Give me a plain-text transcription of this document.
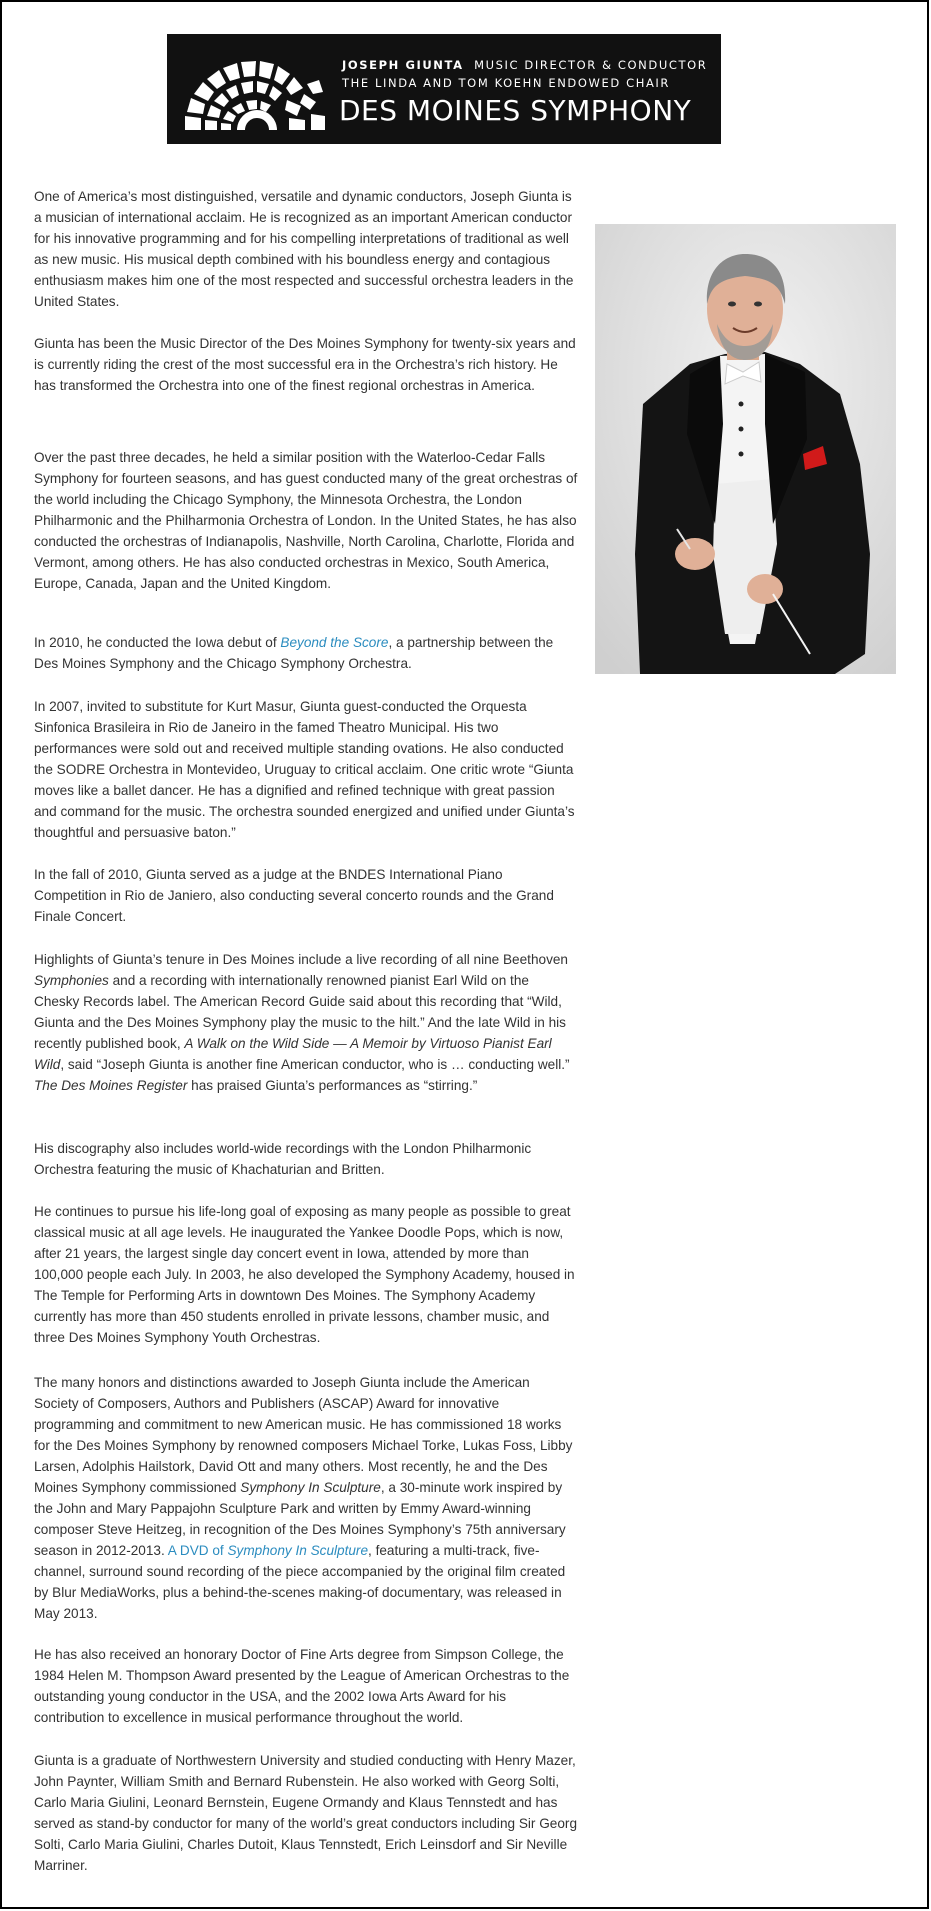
JOSEPH GIUNTA MUSIC DIRECTOR & CONDUCTOR
THE LINDA AND TOM KOEHN ENDOWED CHAIR
DES MOINES SYMPHONY

One of America’s most distinguished, versatile and dynamic conductors, Joseph Giunta is a musician of international acclaim. He is recognized as an important American conductor for his innovative programming and for his compelling interpretations of traditional as well as new music. His musical depth combined with his boundless energy and contagious enthusiasm makes him one of the most respected and successful orchestra leaders in the United States.

Giunta has been the Music Director of the Des Moines Symphony for twenty-six years and is currently riding the crest of the most successful era in the Orchestra’s rich history. He has transformed the Orchestra into one of the finest regional orchestras in America.

Over the past three decades, he held a similar position with the Waterloo-Cedar Falls Symphony for fourteen seasons, and has guest conducted many of the great orchestras of the world including the Chicago Symphony, the Minnesota Orchestra, the London Philharmonic and the Philharmonia Orchestra of London. In the United States, he has also conducted the orchestras of Indianapolis, Nashville, North Carolina, Charlotte, Florida and Vermont, among others. He has also conducted orchestras in Mexico, South America, Europe, Canada, Japan and the United Kingdom.

In 2010, he conducted the Iowa debut of Beyond the Score, a partnership between the Des Moines Symphony and the Chicago Symphony Orchestra.

In 2007, invited to substitute for Kurt Masur, Giunta guest-conducted the Orquesta Sinfonica Brasileira in Rio de Janeiro in the famed Theatro Municipal. His two performances were sold out and received multiple standing ovations. He also conducted the SODRE Orchestra in Montevideo, Uruguay to critical acclaim. One critic wrote “Giunta moves like a ballet dancer. He has a dignified and refined technique with great passion and command for the music. The orchestra sounded energized and unified under Giunta’s thoughtful and persuasive baton.”

In the fall of 2010, Giunta served as a judge at the BNDES International Piano Competition in Rio de Janiero, also conducting several concerto rounds and the Grand Finale Concert.

Highlights of Giunta’s tenure in Des Moines include a live recording of all nine Beethoven Symphonies and a recording with internationally renowned pianist Earl Wild on the Chesky Records label. The American Record Guide said about this recording that “Wild, Giunta and the Des Moines Symphony play the music to the hilt.” And the late Wild in his recently published book, A Walk on the Wild Side — A Memoir by Virtuoso Pianist Earl Wild, said “Joseph Giunta is another fine American conductor, who is … conducting well.” The Des Moines Register has praised Giunta’s performances as “stirring.”

His discography also includes world-wide recordings with the London Philharmonic Orchestra featuring the music of Khachaturian and Britten.

He continues to pursue his life-long goal of exposing as many people as possible to great classical music at all age levels. He inaugurated the Yankee Doodle Pops, which is now, after 21 years, the largest single day concert event in Iowa, attended by more than 100,000 people each July. In 2003, he also developed the Symphony Academy, housed in The Temple for Performing Arts in downtown Des Moines. The Symphony Academy currently has more than 450 students enrolled in private lessons, chamber music, and three Des Moines Symphony Youth Orchestras.

The many honors and distinctions awarded to Joseph Giunta include the American Society of Composers, Authors and Publishers (ASCAP) Award for innovative programming and commitment to new American music. He has commissioned 18 works for the Des Moines Symphony by renowned composers Michael Torke, Lukas Foss, Libby Larsen, Adolphis Hailstork, David Ott and many others. Most recently, he and the Des Moines Symphony commissioned Symphony In Sculpture, a 30-minute work inspired by the John and Mary Pappajohn Sculpture Park and written by Emmy Award-winning composer Steve Heitzeg, in recognition of the Des Moines Symphony’s 75th anniversary season in 2012-2013. A DVD of Symphony In Sculpture, featuring a multi-track, five-channel, surround sound recording of the piece accompanied by the original film created by Blur MediaWorks, plus a behind-the-scenes making-of documentary, was released in May 2013.

He has also received an honorary Doctor of Fine Arts degree from Simpson College, the 1984 Helen M. Thompson Award presented by the League of American Orchestras to the outstanding young conductor in the USA, and the 2002 Iowa Arts Award for his contribution to excellence in musical performance throughout the world.

Giunta is a graduate of Northwestern University and studied conducting with Henry Mazer, John Paynter, William Smith and Bernard Rubenstein. He also worked with Georg Solti, Carlo Maria Giulini, Leonard Bernstein, Eugene Ormandy and Klaus Tennstedt and has served as stand-by conductor for many of the world’s great conductors including Sir Georg Solti, Carlo Maria Giulini, Charles Dutoit, Klaus Tennstedt, Erich Leinsdorf and Sir Neville Marriner.
